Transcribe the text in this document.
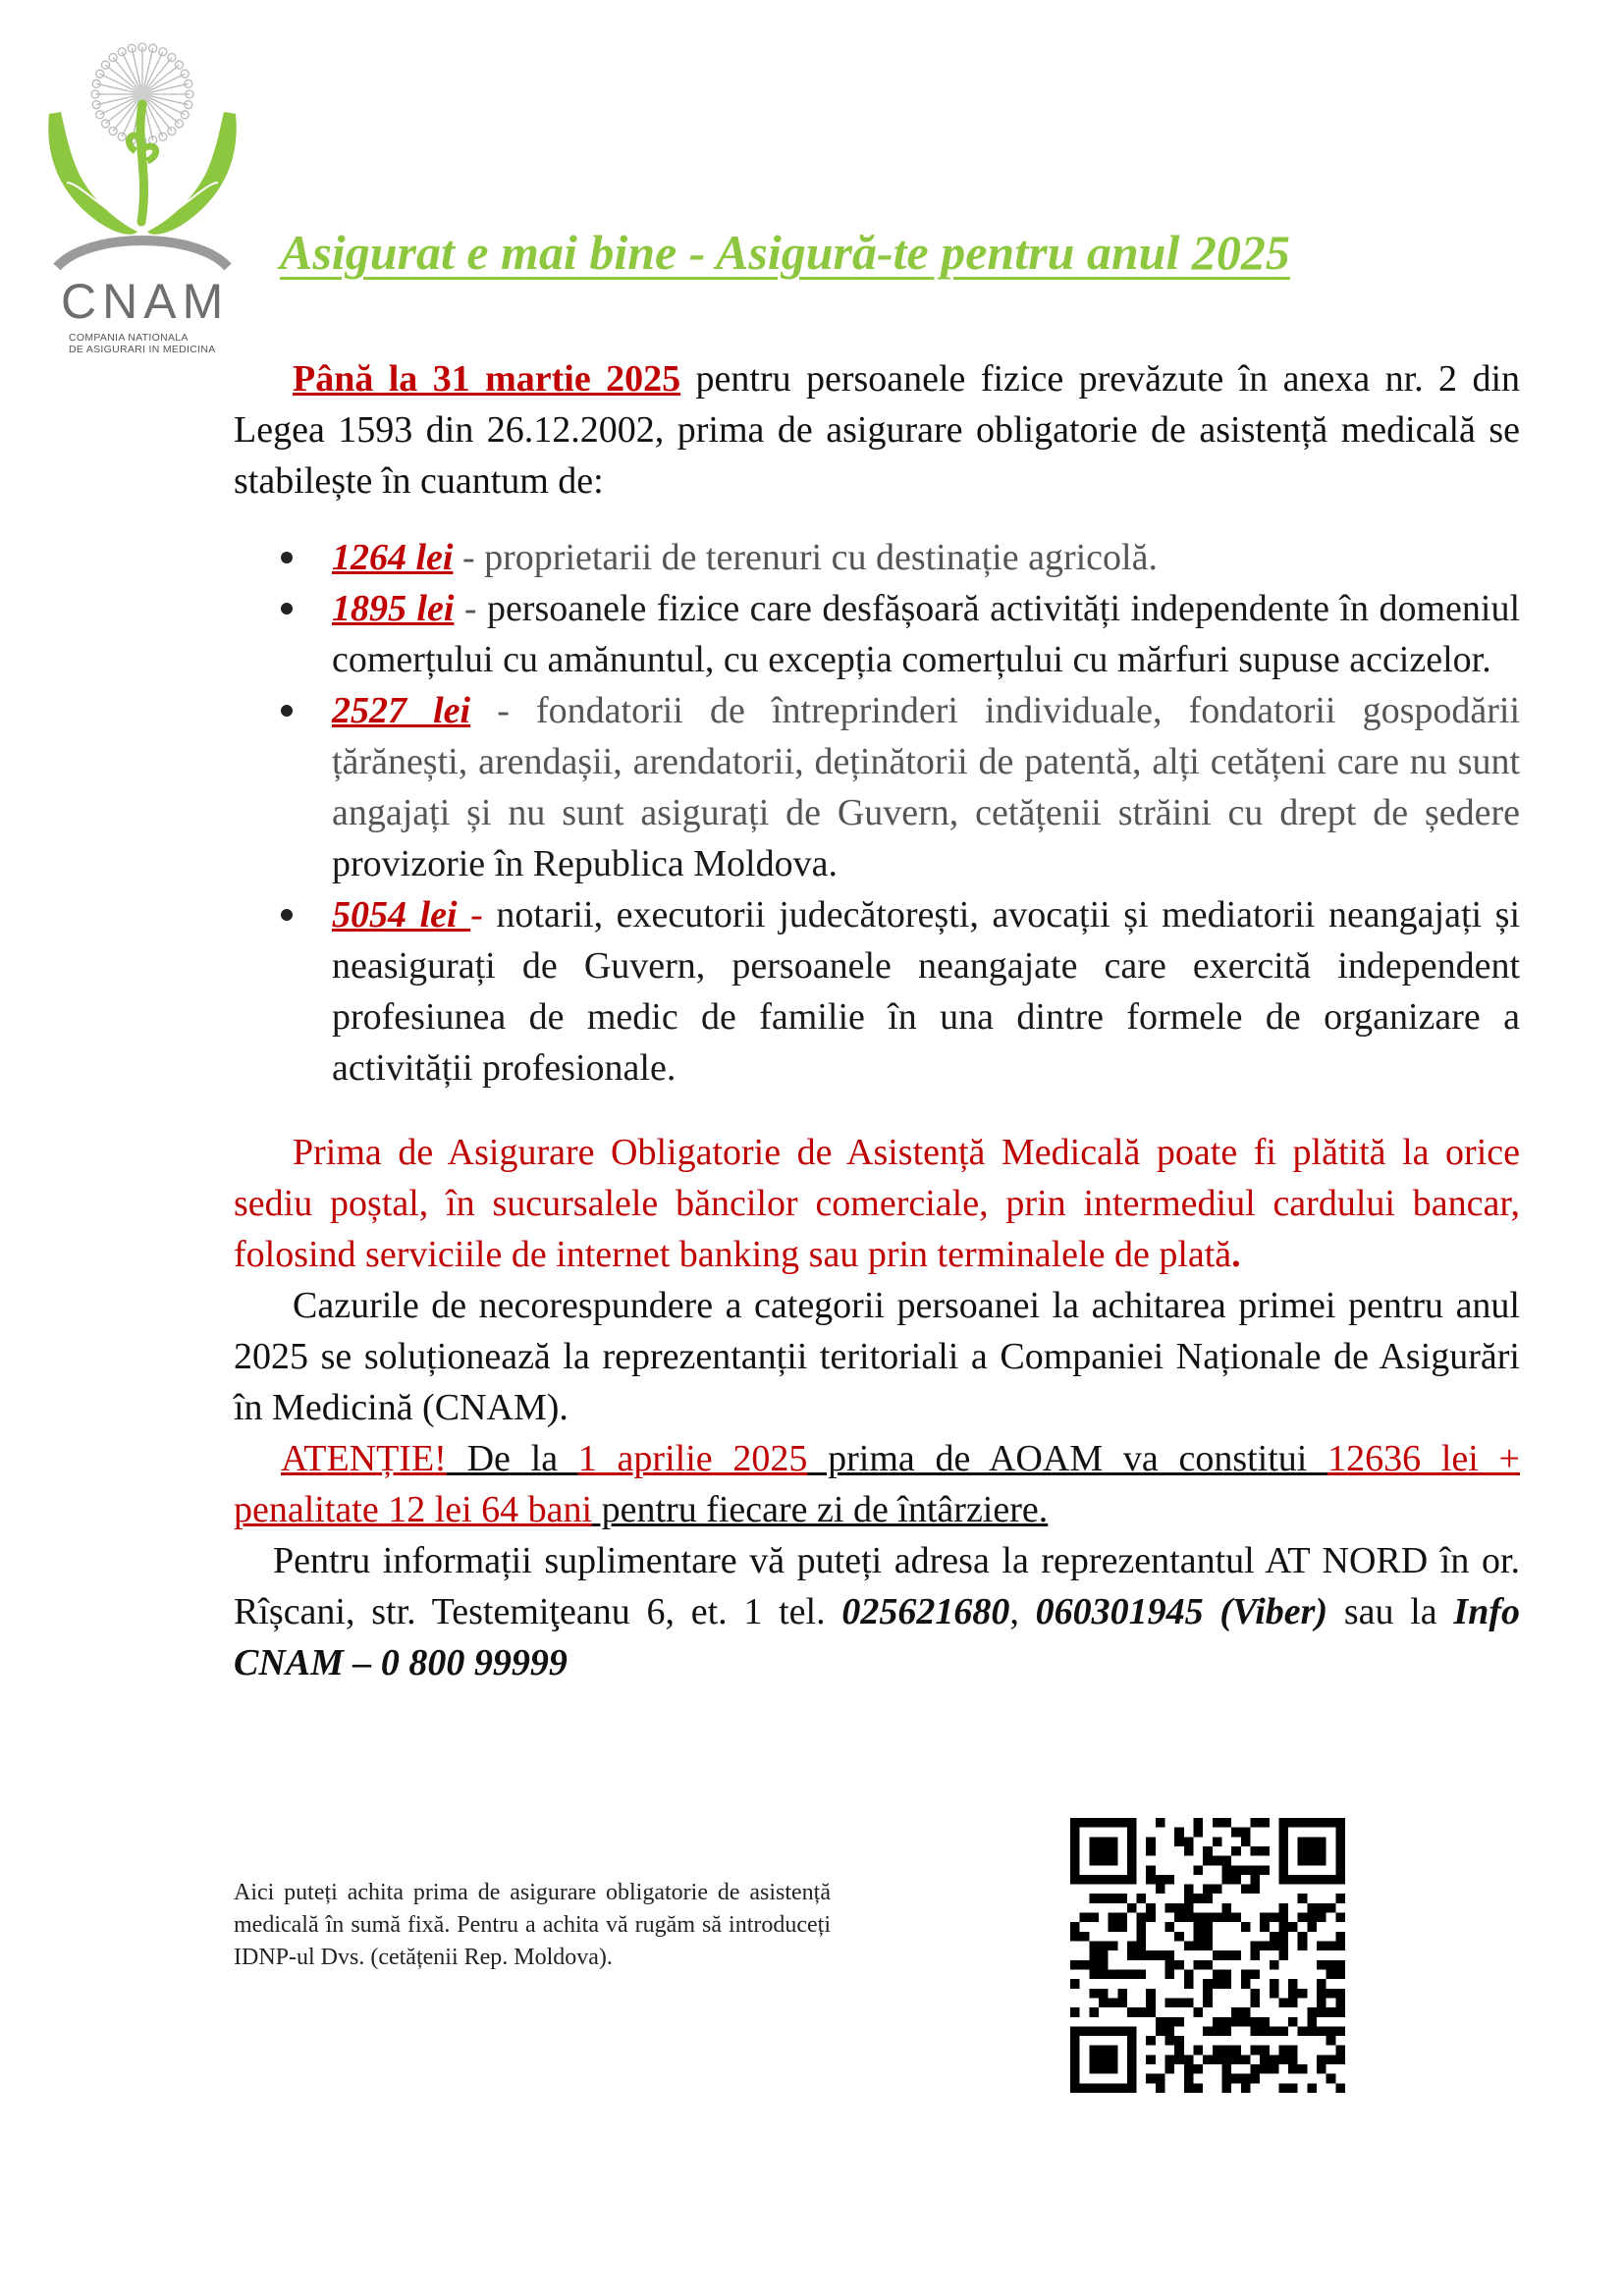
CNAM
COMPANIA NATIONALA
DE ASIGURARI IN MEDICINA
Asigurat e mai bine - Asigură-te pentru anul 2025

Până la 31 martie 2025 pentru persoanele fizice prevăzute în anexa nr. 2 din Legea 1593 din 26.12.2002, prima de asigurare obligatorie de asistență medicală se stabilește în cuantum de:

1264 lei - proprietarii de terenuri cu destinație agricolă.
1895 lei - persoanele fizice care desfășoară activități independente în domeniul comerțului cu amănuntul, cu excepția comerțului cu mărfuri supuse accizelor.
2527 lei - fondatorii de întreprinderi individuale, fondatorii gospodării țărănești, arendașii, arendatorii, deținătorii de patentă, alți cetățeni care nu sunt angajați și nu sunt asigurați de Guvern, cetățenii străini cu drept de ședere provizorie în Republica Moldova.
5054 lei - notarii, executorii judecătorești, avocații și mediatorii neangajați și neasigurați de Guvern, persoanele neangajate care exercită independent profesiunea de medic de familie în una dintre formele de organizare a activității profesionale.

Prima de Asigurare Obligatorie de Asistență Medicală poate fi plătită la orice sediu poștal, în sucursalele băncilor comerciale, prin intermediul cardului bancar, folosind serviciile de internet banking sau prin terminalele de plată.

Cazurile de necorespundere a categorii persoanei la achitarea primei pentru anul 2025 se soluționează la reprezentanții teritoriali a Companiei Naționale de Asigurări în Medicină (CNAM).

ATENȚIE! De la 1 aprilie 2025 prima de AOAM va constitui 12636 lei + penalitate 12 lei 64 bani pentru fiecare zi de întârziere.

Pentru informații suplimentare vă puteți adresa la reprezentantul AT NORD în or. Rîșcani, str. Testemiţeanu 6, et. 1 tel. 025621680, 060301945 (Viber) sau la Info CNAM – 0 800 99999

Aici puteți achita prima de asigurare obligatorie de asistență medicală în sumă fixă. Pentru a achita vă rugăm să introduceți IDNP-ul Dvs. (cetățenii Rep. Moldova).
